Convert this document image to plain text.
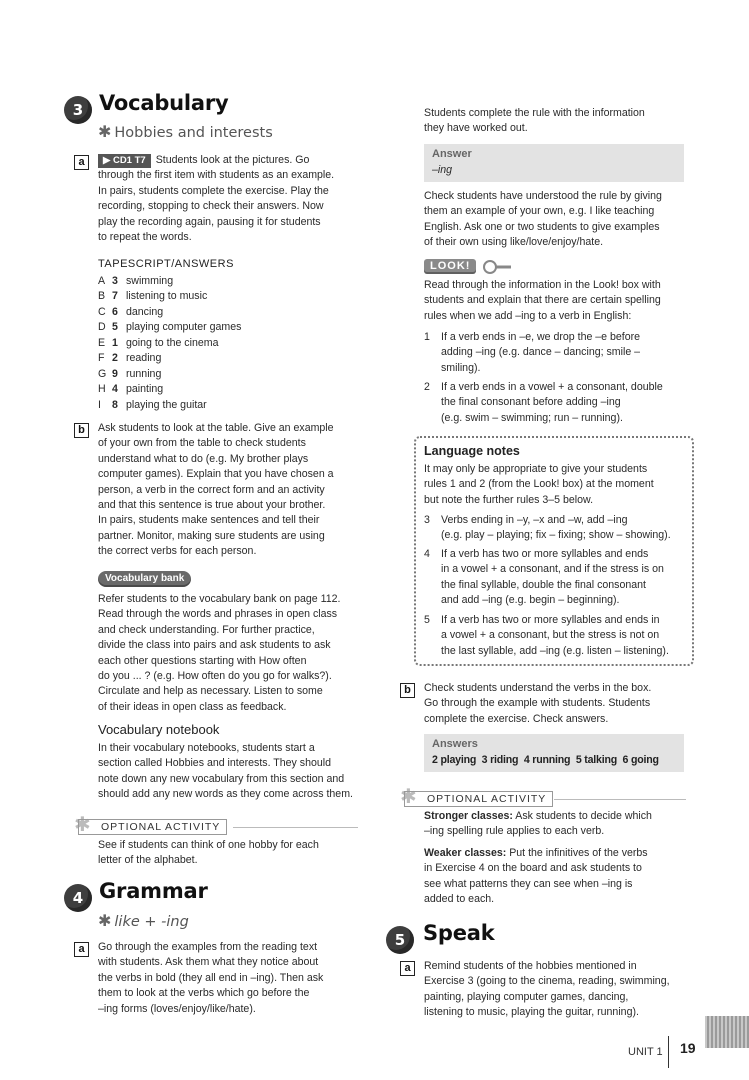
3 Vocabulary
✱ Hobbies and interests
a	▶ CD1 T7 Students look at the pictures. Go

through the first item with students as an example.

In pairs, students complete the exercise. Play the

recording, stopping to check their answers. Now

play the recording again, pausing it for students

to repeat the words.

TAPESCRIPT/ANSWERS
A 3 swimming
B 7 listening to music
C 6 dancing
D 5 playing computer games
E 1 going to the cinema
F 2 reading
G 9 running
H 4 painting
I 8 playing the guitar
b	Ask students to look at the table. Give an example

of your own from the table to check students

understand what to do (e.g. My brother plays

computer games). Explain that you have chosen a

person, a verb in the correct form and an activity

and that this sentence is true about your brother.

In pairs, students make sentences and tell their

partner. Monitor, making sure students are using

the correct verbs for each person.

Vocabulary bank

Refer students to the vocabulary bank on page 112.

Read through the words and phrases in open class

and check understanding. For further practice,

divide the class into pairs and ask students to ask

each other questions starting with How often

do you ... ? (e.g. How often do you go for walks?).

Circulate and help as necessary. Listen to some

of their ideas in open class as feedback.

Vocabulary notebook

In their vocabulary notebooks, students start a

section called Hobbies and interests. They should

note down any new vocabulary from this section and

should add any new words as they come across them.

✱ OPTIONAL ACTIVITY

See if students can think of one hobby for each

letter of the alphabet.

4 Grammar
✱ like + -ing
a	Go through the examples from the reading text

with students. Ask them what they notice about

the verbs in bold (they all end in –ing). Then ask

them to look at the verbs which go before the

–ing forms (loves/enjoy/like/hate).

Students complete the rule with the information

they have worked out.

Answer
–ing

Check students have understood the rule by giving

them an example of your own, e.g. I like teaching

English. Ask one or two students to give examples

of their own using like/love/enjoy/hate.

LOOK!

Read through the information in the Look! box with

students and explain that there are certain spelling

rules when we add –ing to a verb in English:

1 If a verb ends in –e, we drop the –e before

adding –ing (e.g. dance – dancing; smile –

smiling).

2 If a verb ends in a vowel + a consonant, double

the final consonant before adding –ing

(e.g. swim – swimming; run – running).

Language notes

It may only be appropriate to give your students

rules 1 and 2 (from the Look! box) at the moment

but note the further rules 3–5 below.

3 Verbs ending in –y, –x and –w, add –ing

(e.g. play – playing; fix – fixing; show – showing).

4 If a verb has two or more syllables and ends

in a vowel + a consonant, and if the stress is on

the final syllable, double the final consonant

and add –ing (e.g. begin – beginning).

5 If a verb has two or more syllables and ends in

a vowel + a consonant, but the stress is not on

the last syllable, add –ing (e.g. listen – listening).

b	Check students understand the verbs in the box.

Go through the example with students. Students

complete the exercise. Check answers.

Answers
2 playing 3 riding 4 running 5 talking 6 going
✱ OPTIONAL ACTIVITY

Stronger classes: Ask students to decide which

–ing spelling rule applies to each verb.

Weaker classes: Put the infinitives of the verbs

in Exercise 4 on the board and ask students to

see what patterns they can see when –ing is

added to each.

5 Speak
a	Remind students of the hobbies mentioned in

Exercise 3 (going to the cinema, reading, swimming,

painting, playing computer games, dancing,

listening to music, playing the guitar, running).

UNIT 1 19
